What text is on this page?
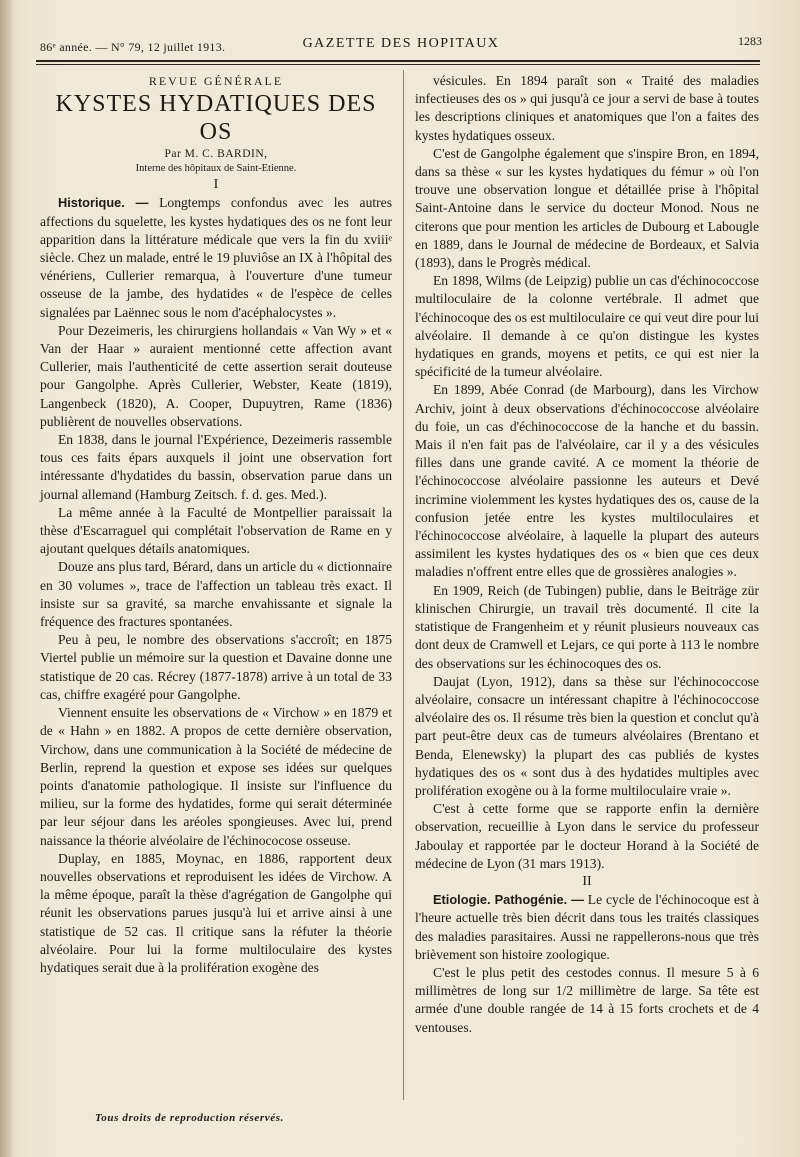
86ᵉ année. — N° 79, 12 juillet 1913.	GAZETTE DES HOPITAUX	1283

REVUE GÉNÉRALE

KYSTES HYDATIQUES DES OS

Par M. C. BARDIN,

Interne des hôpitaux de Saint-Etienne.

I

Historique. — Longtemps confondus avec les autres affections du squelette, les kystes hydatiques des os ne font leur apparition dans la littérature médicale que vers la fin du xviiiᵉ siècle. Chez un malade, entré le 19 pluviôse an IX à l'hôpital des vénériens, Cullerier remarqua, à l'ouverture d'une tumeur osseuse de la jambe, des hydatides « de l'espèce de celles signalées par Laënnec sous le nom d'acéphalocystes ».

Pour Dezeimeris, les chirurgiens hollandais « Van Wy » et « Van der Haar » auraient mentionné cette affection avant Cullerier, mais l'authenticité de cette assertion serait douteuse pour Gangolphe. Après Cullerier, Webster, Keate (1819), Langenbeck (1820), A. Cooper, Dupuytren, Rame (1836) publièrent de nouvelles observations.

En 1838, dans le journal l'Expérience, Dezeimeris rassemble tous ces faits épars auxquels il joint une observation fort intéressante d'hydatides du bassin, observation parue dans un journal allemand (Hamburg Zeitsch. f. d. ges. Med.).

La même année à la Faculté de Montpellier paraissait la thèse d'Escarraguel qui complétait l'observation de Rame en y ajoutant quelques détails anatomiques.

Douze ans plus tard, Bérard, dans un article du « dictionnaire en 30 volumes », trace de l'affection un tableau très exact. Il insiste sur sa gravité, sa marche envahissante et signale la fréquence des fractures spontanées.

Peu à peu, le nombre des observations s'accroît; en 1875 Viertel publie un mémoire sur la question et Davaine donne une statistique de 20 cas. Récrey (1877-1878) arrive à un total de 33 cas, chiffre exagéré pour Gangolphe.

Viennent ensuite les observations de « Virchow » en 1879 et de « Hahn » en 1882. A propos de cette dernière observation, Virchow, dans une communication à la Société de médecine de Berlin, reprend la question et expose ses idées sur quelques points d'anatomie pathologique. Il insiste sur l'influence du milieu, sur la forme des hydatides, forme qui serait déterminée par leur séjour dans les aréoles spongieuses. Avec lui, prend naissance la théorie alvéolaire de l'échinococose osseuse.

Duplay, en 1885, Moynac, en 1886, rapportent deux nouvelles observations et reproduisent les idées de Virchow. A la même époque, paraît la thèse d'agrégation de Gangolphe qui réunit les observations parues jusqu'à lui et arrive ainsi à une statistique de 52 cas. Il critique sans la réfuter la théorie alvéolaire. Pour lui la forme multiloculaire des kystes hydatiques serait due à la prolifération exogène des

vésicules. En 1894 paraît son « Traité des maladies infectieuses des os » qui jusqu'à ce jour a servi de base à toutes les descriptions cliniques et anatomiques que l'on a faites des kystes hydatiques osseux.

C'est de Gangolphe également que s'inspire Bron, en 1894, dans sa thèse « sur les kystes hydatiques du fémur » où l'on trouve une observation longue et détaillée prise à l'hôpital Saint-Antoine dans le service du docteur Monod. Nous ne citerons que pour mention les articles de Dubourg et Labougle en 1889, dans le Journal de médecine de Bordeaux, et Salvia (1893), dans le Progrès médical.

En 1898, Wilms (de Leipzig) publie un cas d'échinococcose multiloculaire de la colonne vertébrale. Il admet que l'échinocoque des os est multiloculaire ce qui veut dire pour lui alvéolaire. Il demande à ce qu'on distingue les kystes hydatiques en grands, moyens et petits, ce qui est nier la spécificité de la tumeur alvéolaire.

En 1899, Abée Conrad (de Marbourg), dans les Virchow Archiv, joint à deux observations d'échinococcose alvéolaire du foie, un cas d'échinococcose de la hanche et du bassin. Mais il n'en fait pas de l'alvéolaire, car il y a des vésicules filles dans une grande cavité. A ce moment la théorie de l'échinococcose alvéolaire passionne les auteurs et Devé incrimine violemment les kystes hydatiques des os, cause de la confusion jetée entre les kystes multiloculaires et l'échinococcose alvéolaire, à laquelle la plupart des auteurs assimilent les kystes hydatiques des os « bien que ces deux maladies n'offrent entre elles que de grossières analogies ».

En 1909, Reich (de Tubingen) publie, dans le Beiträge zür klinischen Chirurgie, un travail très documenté. Il cite la statistique de Frangenheim et y réunit plusieurs nouveaux cas dont deux de Cramwell et Lejars, ce qui porte à 113 le nombre des observations sur les échinocoques des os.

Daujat (Lyon, 1912), dans sa thèse sur l'échinococcose alvéolaire, consacre un intéressant chapitre à l'échinococcose alvéolaire des os. Il résume très bien la question et conclut qu'à part peut-être deux cas de tumeurs alvéolaires (Brentano et Benda, Elenewsky) la plupart des cas publiés de kystes hydatiques des os « sont dus à des hydatides multiples avec prolifération exogène ou à la forme multiloculaire vraie ».

C'est à cette forme que se rapporte enfin la dernière observation, recueillie à Lyon dans le service du professeur Jaboulay et rapportée par le docteur Horand à la Société de médecine de Lyon (31 mars 1913).

II

Etiologie. Pathogénie. — Le cycle de l'échinocoque est à l'heure actuelle très bien décrit dans tous les traités classiques des maladies parasitaires. Aussi ne rappellerons-nous que très brièvement son histoire zoologique.

C'est le plus petit des cestodes connus. Il mesure 5 à 6 millimètres de long sur 1/2 millimètre de large. Sa tête est armée d'une double rangée de 14 à 15 forts crochets et de 4 ventouses.

Tous droits de reproduction réservés.
